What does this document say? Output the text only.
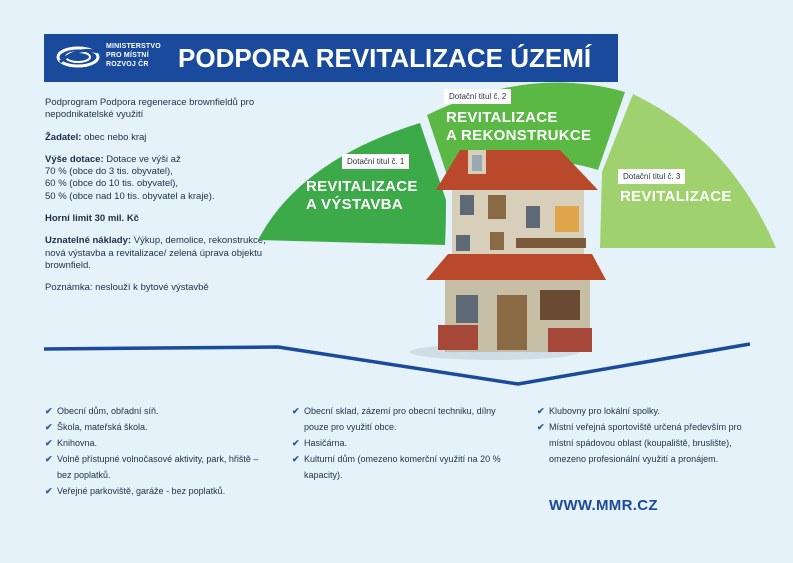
MINISTERSTVO
PRO MÍSTNÍ
ROZVOJ ČR	PODPORA REVITALIZACE ÚZEMÍ

Podprogram Podpora regenerace brownfieldů pro nepodnikatelské využití

Žadatel: obec nebo kraj

Výše dotace: Dotace ve výši až
70 % (obce do 3 tis. obyvatel),
60 % (obce do 10 tis. obyvatel),
50 % (obce nad 10 tis. obyvatel a kraje).

Horní limit 30 mil. Kč

Uznatelné náklady: Výkup, demolice, rekonstrukce, nová výstavba a revitalizace/ zelená úprava objektu brownfield.

Poznámka: neslouží k bytové výstavbě

Dotační titul č. 1
Dotační titul č. 2
Dotační titul č. 3
REVITALIZACE
A VÝSTAVBA
REVITALIZACE
A REKONSTRUKCE
REVITALIZACE
✔ Obecní dům, obřadní síň.
✔ Škola, mateřská škola.
✔ Knihovna.
✔ Volně přístupné volnočasové aktivity, park, hřiště – bez poplatků.
✔ Veřejné parkoviště, garáže - bez poplatků.
✔ Obecní sklad, zázemí pro obecní techniku, dílny pouze pro využití obce.
✔ Hasičárna.
✔ Kulturní dům (omezeno komerční využití na 20 % kapacity).
✔ Klubovny pro lokální spolky.
✔ Místní veřejná sportoviště určená především pro místní spádovou oblast (koupaliště, bruslište), omezeno profesionální využití a pronájem.
WWW.MMR.CZ
